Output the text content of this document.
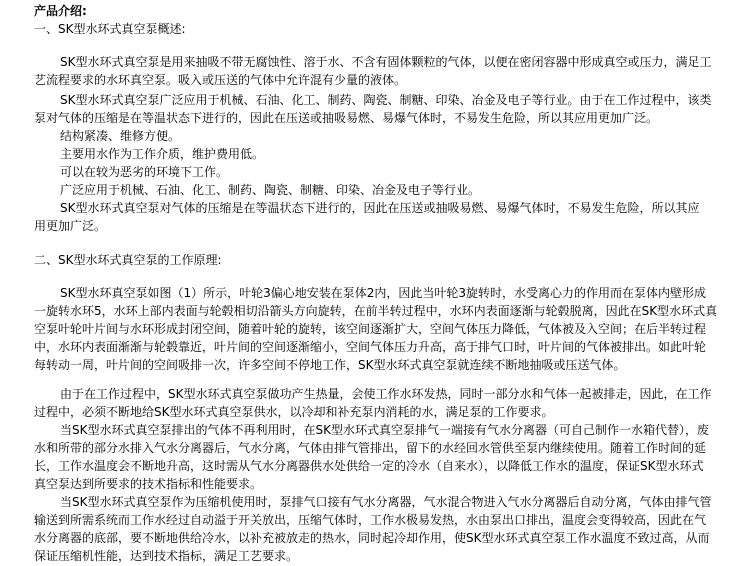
产品介绍:
一、SK型水环式真空泵概述:
SK型水环式真空泵是用来抽吸不带无腐蚀性、溶于水、不含有固体颗粒的气体，以便在密闭容器中形成真空或压力，满足工
艺流程要求的水环真空泵。吸入或压送的气体中允许混有少量的液体。
SK型水环式真空泵广泛应用于机械、石油、化工、制药、陶瓷、制糖、印染、冶金及电子等行业。由于在工作过程中，该类
泵对气体的压缩是在等温状态下进行的，因此在压送或抽吸易燃、易爆气体时，不易发生危险，所以其应用更加广泛。
结构紧凑、维修方便。
主要用水作为工作介质，维护费用低。
可以在较为恶劣的环境下工作。
广泛应用于机械、石油、化工、制药、陶瓷、制糖、印染、冶金及电子等行业。
SK型水环式真空泵对气体的压缩是在等温状态下进行的，因此在压送或抽吸易燃、易爆气体时，不易发生危险，所以其应
用更加广泛。
二、SK型水环式真空泵的工作原理:
SK型水环真空泵如图（1）所示，叶轮3偏心地安装在泵体2内，因此当叶轮3旋转时，水受离心力的作用而在泵体内壁形成
一旋转水环5，水环上部内表面与轮毂相切沿箭头方向旋转，在前半转过程中，水环内表面逐渐与轮毂脱离，因此在SK型水环式真
空泵叶轮叶片间与水环形成封闭空间，随着叶轮的旋转，该空间逐渐扩大，空间气体压力降低，气体被及入空间；在后半转过程
中，水环内表面渐渐与轮毂靠近，叶片间的空间逐渐缩小，空间气体压力升高，高于排气口时，叶片间的气体被排出。如此叶轮
每转动一周，叶片间的空间吸排一次，许多空间不停地工作，SK型水环式真空泵就连续不断地抽吸或压送气体。
由于在工作过程中，SK型水环式真空泵做功产生热量，会使工作水环发热，同时一部分水和气体一起被排走，因此，在工作
过程中，必须不断地给SK型水环式真空泵供水，以冷却和补充泵内消耗的水，满足泵的工作要求。
当SK型水环式真空泵排出的气体不再利用时，在SK型水环式真空泵排气一端接有气水分离器（可自己制作一水箱代替），废
水和所带的部分水排入气水分离器后，气水分离，气体由排气管排出，留下的水经回水管供至泵内继续使用。随着工作时间的延
长，工作水温度会不断地升高，这时需从气水分离器供水处供给一定的冷水（自来水），以降低工作水的温度，保证SK型水环式
真空泵达到所要求的技术指标和性能要求。
当SK型水环式真空泵作为压缩机使用时，泵排气口接有气水分离器，气水混合物进入气水分离器后自动分离，气体由排气管
输送到所需系统而工作水经过自动溢于开关放出，压缩气体时，工作水极易发热，水由泵出口排出，温度会变得较高，因此在气
水分离器的底部，要不断地供给冷水，以补充被放走的热水，同时起冷却作用，使SK型水环式真空泵工作水温度不致过高，从而
保证压缩机性能，达到技术指标，满足工艺要求。
